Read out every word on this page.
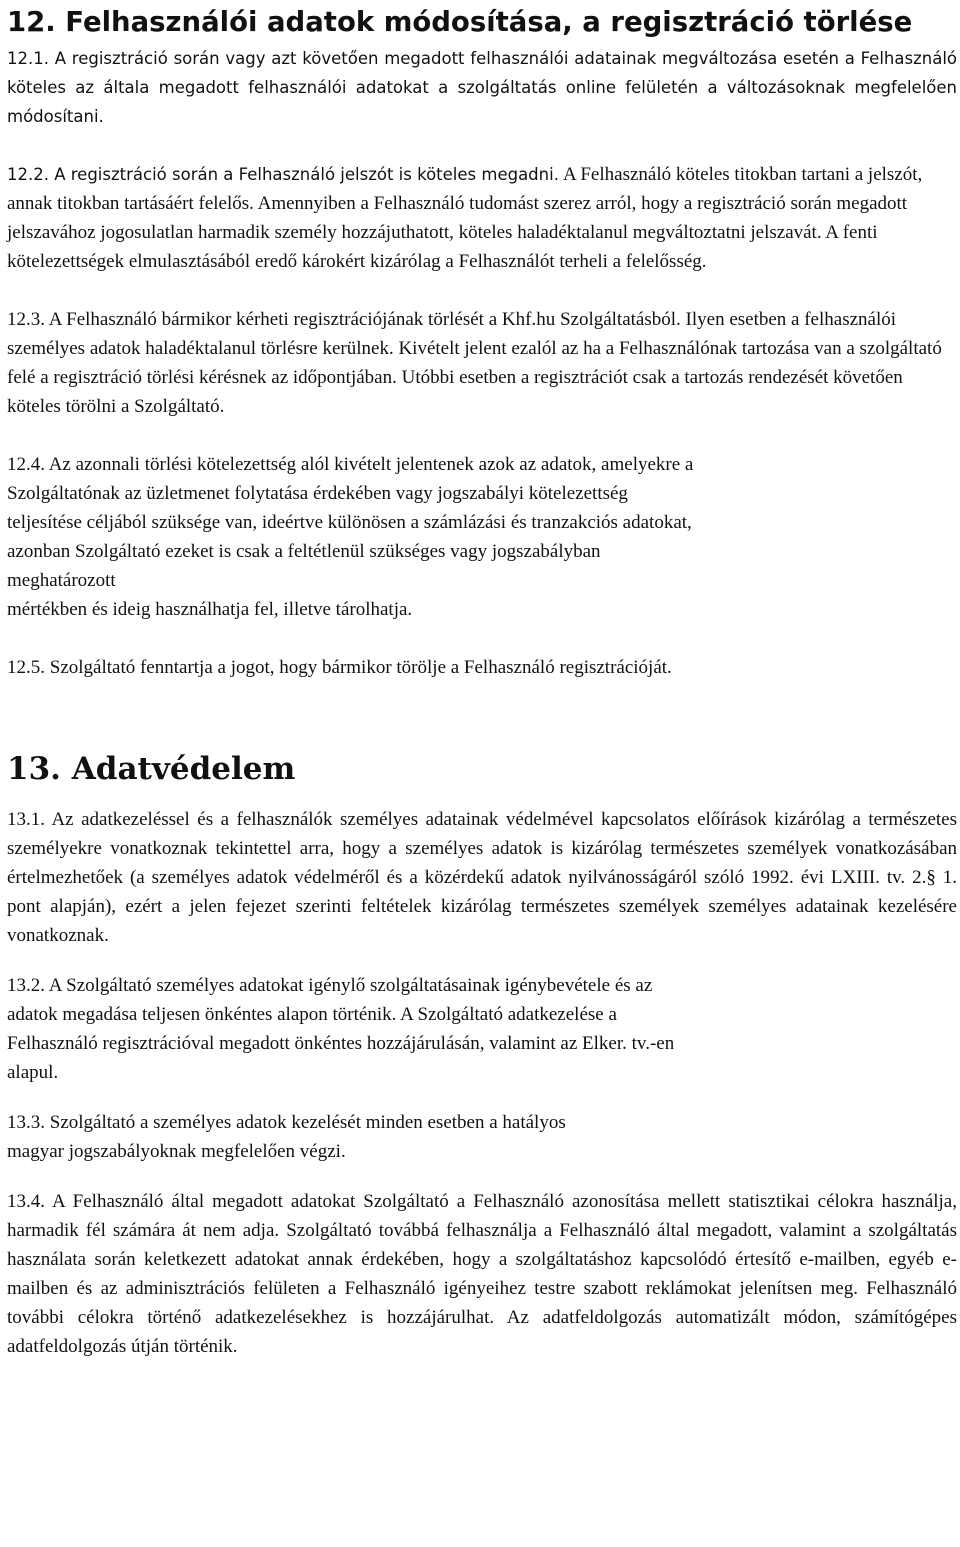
12. Felhasználói adatok módosítása, a regisztráció törlése

12.1. A regisztráció során vagy azt követően megadott felhasználói adatainak megváltozása esetén a Felhasználó köteles az általa megadott felhasználói adatokat a szolgáltatás online felületén a változásoknak megfelelően módosítani.

12.2. A regisztráció során a Felhasználó jelszót is köteles megadni. A Felhasználó köteles titokban tartani a jelszót, annak titokban tartásáért felelős. Amennyiben a Felhasználó tudomást szerez arról, hogy a regisztráció során megadott jelszavához jogosulatlan harmadik személy hozzájuthatott, köteles haladéktalanul megváltoztatni jelszavát. A fenti kötelezettségek elmulasztásából eredő károkért kizárólag a Felhasználót terheli a felelősség.

12.3. A Felhasználó bármikor kérheti regisztrációjának törlését a Khf.hu Szolgáltatásból. Ilyen esetben a felhasználói személyes adatok haladéktalanul törlésre kerülnek. Kivételt jelent ezalól az ha a Felhasználónak tartozása van a szolgáltató felé a regisztráció törlési kérésnek az időpontjában. Utóbbi esetben a regisztrációt csak a tartozás rendezését követően köteles törölni a Szolgáltató.

12.4. Az azonnali törlési kötelezettség alól kivételt jelentenek azok az adatok, amelyekre a
Szolgáltatónak az üzletmenet folytatása érdekében vagy jogszabályi kötelezettség
teljesítése céljából szüksége van, ideértve különösen a számlázási és tranzakciós adatokat,
azonban Szolgáltató ezeket is csak a feltétlenül szükséges vagy jogszabályban
meghatározott
mértékben és ideig használhatja fel, illetve tárolhatja.

12.5. Szolgáltató fenntartja a jogot, hogy bármikor törölje a Felhasználó regisztrációját.

13. Adatvédelem

13.1. Az adatkezeléssel és a felhasználók személyes adatainak védelmével kapcsolatos előírások kizárólag a természetes személyekre vonatkoznak tekintettel arra, hogy a személyes adatok is kizárólag természetes személyek vonatkozásában értelmezhetőek (a személyes adatok védelméről és a közérdekű adatok nyilvánosságáról szóló 1992. évi LXIII. tv. 2.§ 1. pont alapján), ezért a jelen fejezet szerinti feltételek kizárólag természetes személyek személyes adatainak kezelésére vonatkoznak.

13.2. A Szolgáltató személyes adatokat igénylő szolgáltatásainak igénybevétele és az
adatok megadása teljesen önkéntes alapon történik. A Szolgáltató adatkezelése a
Felhasználó regisztrációval megadott önkéntes hozzájárulásán, valamint az Elker. tv.-en
alapul.
13.3. Szolgáltató a személyes adatok kezelését minden esetben a hatályos
magyar jogszabályoknak megfelelően végzi.

13.4. A Felhasználó által megadott adatokat Szolgáltató a Felhasználó azonosítása mellett statisztikai célokra használja, harmadik fél számára át nem adja. Szolgáltató továbbá felhasználja a Felhasználó által megadott, valamint a szolgáltatás használata során keletkezett adatokat annak érdekében, hogy a szolgáltatáshoz kapcsolódó értesítő e-mailben, egyéb e-mailben és az adminisztrációs felületen a Felhasználó igényeihez testre szabott reklámokat jelenítsen meg. Felhasználó további célokra történő adatkezelésekhez is hozzájárulhat. Az adatfeldolgozás automatizált módon, számítógépes adatfeldolgozás útján történik.
